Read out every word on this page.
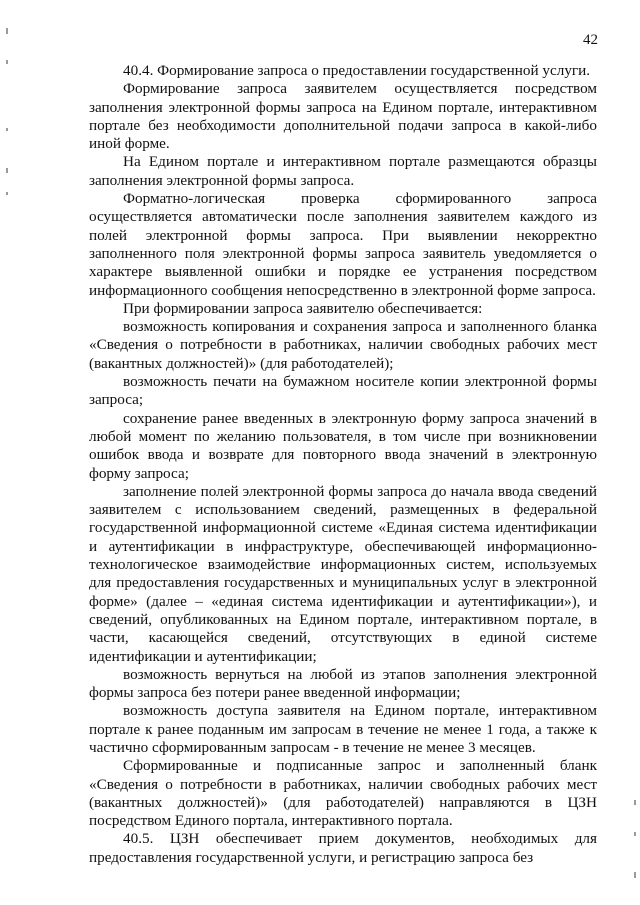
42

40.4. Формирование запроса о предоставлении государственной услуги.

Формирование запроса заявителем осуществляется посредством заполнения электронной формы запроса на Едином портале, интерактивном портале без необходимости дополнительной подачи запроса в какой-либо иной форме.

На Едином портале и интерактивном портале размещаются образцы заполнения электронной формы запроса.

Форматно-логическая проверка сформированного запроса осуществляется автоматически после заполнения заявителем каждого из полей электронной формы запроса. При выявлении некорректно заполненного поля электронной формы запроса заявитель уведомляется о характере выявленной ошибки и порядке ее устранения посредством информационного сообщения непосредственно в электронной форме запроса.

При формировании запроса заявителю обеспечивается:

возможность копирования и сохранения запроса и заполненного бланка «Сведения о потребности в работниках, наличии свободных рабочих мест (вакантных должностей)» (для работодателей);

возможность печати на бумажном носителе копии электронной формы запроса;

сохранение ранее введенных в электронную форму запроса значений в любой момент по желанию пользователя, в том числе при возникновении ошибок ввода и возврате для повторного ввода значений в электронную форму запроса;

заполнение полей электронной формы запроса до начала ввода сведений заявителем с использованием сведений, размещенных в федеральной государственной информационной системе «Единая система идентификации и аутентификации в инфраструктуре, обеспечивающей информационно-технологическое взаимодействие информационных систем, используемых для предоставления государственных и муниципальных услуг в электронной форме» (далее – «единая система идентификации и аутентификации»), и сведений, опубликованных на Едином портале, интерактивном портале, в части, касающейся сведений, отсутствующих в единой системе идентификации и аутентификации;

возможность вернуться на любой из этапов заполнения электронной формы запроса без потери ранее введенной информации;

возможность доступа заявителя на Едином портале, интерактивном портале к ранее поданным им запросам в течение не менее 1 года, а также к частично сформированным запросам - в течение не менее 3 месяцев.

Сформированные и подписанные запрос и заполненный бланк «Сведения о потребности в работниках, наличии свободных рабочих мест (вакантных должностей)» (для работодателей) направляются в ЦЗН посредством Единого портала, интерактивного портала.

40.5. ЦЗН обеспечивает прием документов, необходимых для предоставления государственной услуги, и регистрацию запроса без
